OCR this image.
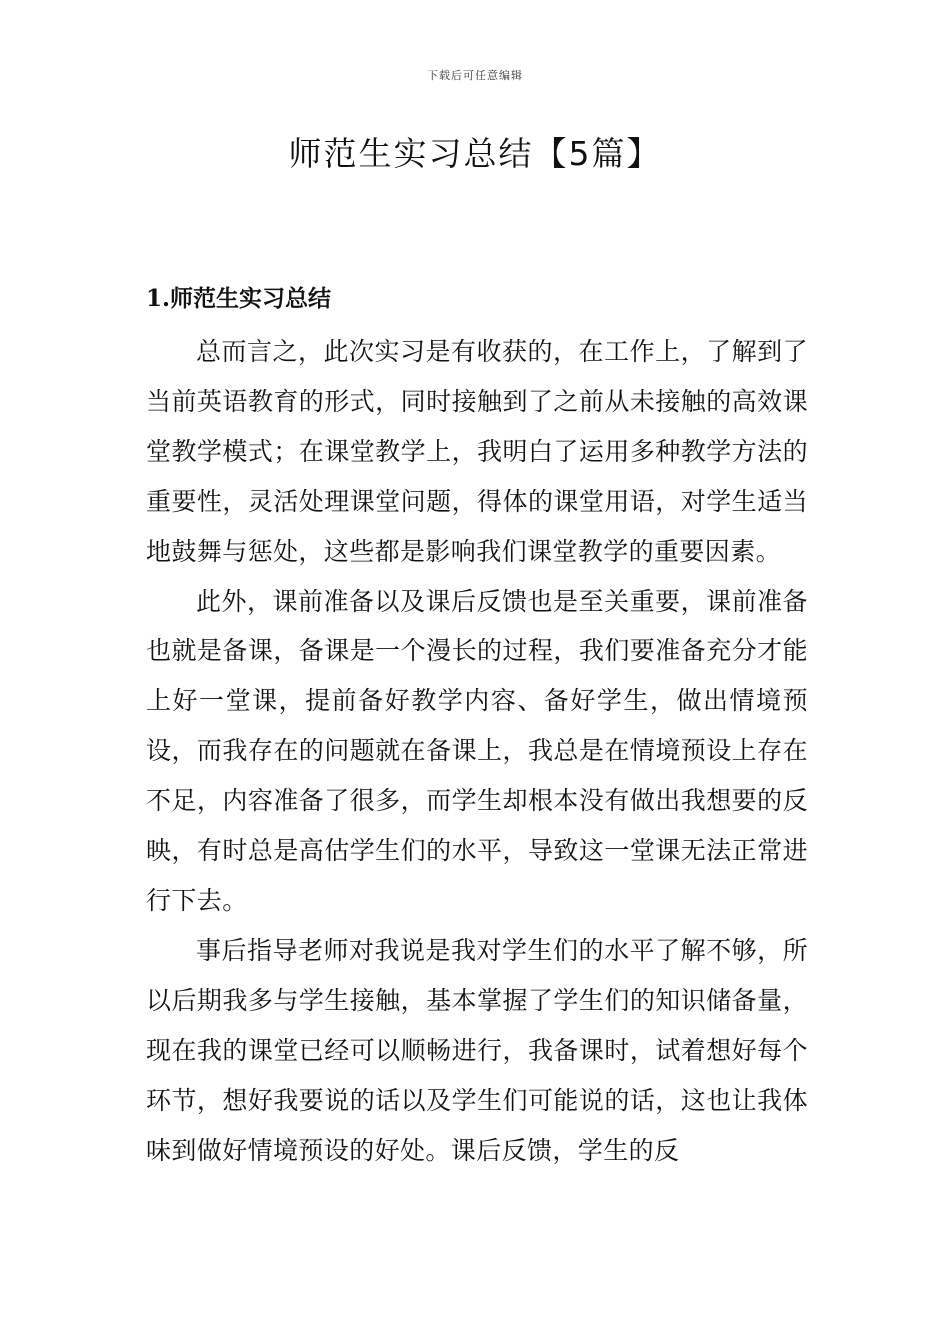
下载后可任意编辑
师范生实习总结【5篇】
1.师范生实习总结

总而言之，此次实习是有收获的，在工作上，了解到了当前英语教育的形式，同时接触到了之前从未接触的高效课堂教学模式；在课堂教学上，我明白了运用多种教学方法的重要性，灵活处理课堂问题，得体的课堂用语，对学生适当地鼓舞与惩处，这些都是影响我们课堂教学的重要因素。

此外，课前准备以及课后反馈也是至关重要，课前准备也就是备课，备课是一个漫长的过程，我们要准备充分才能上好一堂课，提前备好教学内容、备好学生，做出情境预设，而我存在的问题就在备课上，我总是在情境预设上存在不足，内容准备了很多，而学生却根本没有做出我想要的反映，有时总是高估学生们的水平，导致这一堂课无法正常进行下去。

事后指导老师对我说是我对学生们的水平了解不够，所以后期我多与学生接触，基本掌握了学生们的知识储备量，现在我的课堂已经可以顺畅进行，我备课时，试着想好每个环节，想好我要说的话以及学生们可能说的话，这也让我体味到做好情境预设的好处。课后反馈，学生的反
